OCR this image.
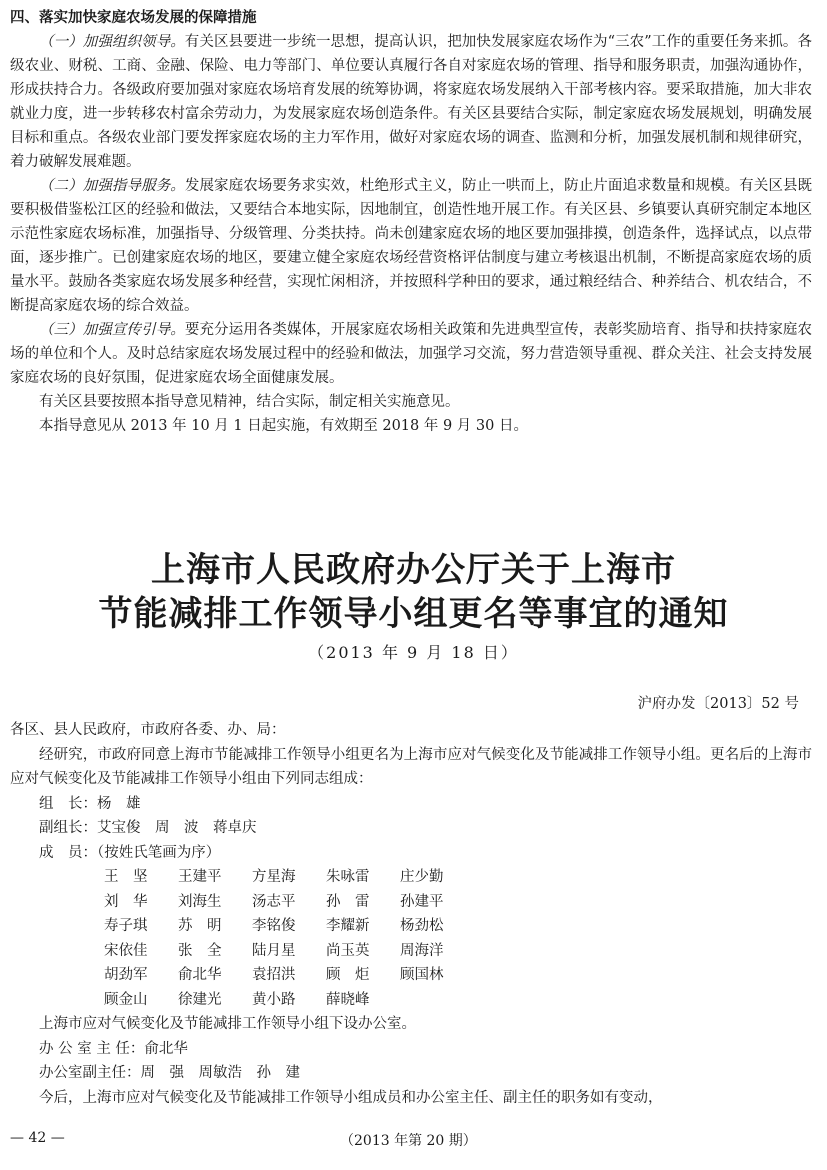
四、落实加快家庭农场发展的保障措施

（一）加强组织领导。有关区县要进一步统一思想，提高认识，把加快发展家庭农场作为“三农”工作的重要任务来抓。各级农业、财税、工商、金融、保险、电力等部门、单位要认真履行各自对家庭农场的管理、指导和服务职责，加强沟通协作，形成扶持合力。各级政府要加强对家庭农场培育发展的统筹协调，将家庭农场发展纳入干部考核内容。要采取措施，加大非农就业力度，进一步转移农村富余劳动力，为发展家庭农场创造条件。有关区县要结合实际，制定家庭农场发展规划，明确发展目标和重点。各级农业部门要发挥家庭农场的主力军作用，做好对家庭农场的调查、监测和分析，加强发展机制和规律研究，着力破解发展难题。

（二）加强指导服务。发展家庭农场要务求实效，杜绝形式主义，防止一哄而上，防止片面追求数量和规模。有关区县既要积极借鉴松江区的经验和做法，又要结合本地实际，因地制宜，创造性地开展工作。有关区县、乡镇要认真研究制定本地区示范性家庭农场标准，加强指导、分级管理、分类扶持。尚未创建家庭农场的地区要加强排摸，创造条件，选择试点，以点带面，逐步推广。已创建家庭农场的地区，要建立健全家庭农场经营资格评估制度与建立考核退出机制，不断提高家庭农场的质量水平。鼓励各类家庭农场发展多种经营，实现忙闲相济，并按照科学种田的要求，通过粮经结合、种养结合、机农结合，不断提高家庭农场的综合效益。

（三）加强宣传引导。要充分运用各类媒体，开展家庭农场相关政策和先进典型宣传，表彰奖励培育、指导和扶持家庭农场的单位和个人。及时总结家庭农场发展过程中的经验和做法，加强学习交流，努力营造领导重视、群众关注、社会支持发展家庭农场的良好氛围，促进家庭农场全面健康发展。

有关区县要按照本指导意见精神，结合实际，制定相关实施意见。

本指导意见从 2013 年 10 月 1 日起实施，有效期至 2018 年 9 月 30 日。

上海市人民政府办公厅关于上海市
节能减排工作领导小组更名等事宜的通知
（2013 年 9 月 18 日）
沪府办发〔2013〕52 号

各区、县人民政府，市政府各委、办、局：

经研究，市政府同意上海市节能减排工作领导小组更名为上海市应对气候变化及节能减排工作领导小组。更名后的上海市应对气候变化及节能减排工作领导小组由下列同志组成：

组　长：杨　雄

副组长：艾宝俊　周　波　蒋卓庆

成　员：（按姓氏笔画为序）

王　坚	王建平	方星海	朱咏雷	庄少勤
刘　华	刘海生	汤志平	孙　雷	孙建平
寿子琪	苏　明	李铭俊	李耀新	杨劲松
宋依佳	张　全	陆月星	尚玉英	周海洋
胡劲军	俞北华	袁招洪	顾　炬	顾国林
顾金山	徐建光	黄小路	薛晓峰

上海市应对气候变化及节能减排工作领导小组下设办公室。

办 公 室 主 任：俞北华

办公室副主任：周　强　周敏浩　孙　建

今后，上海市应对气候变化及节能减排工作领导小组成员和办公室主任、副主任的职务如有变动，

— 42 —	（2013 年第 20 期）
